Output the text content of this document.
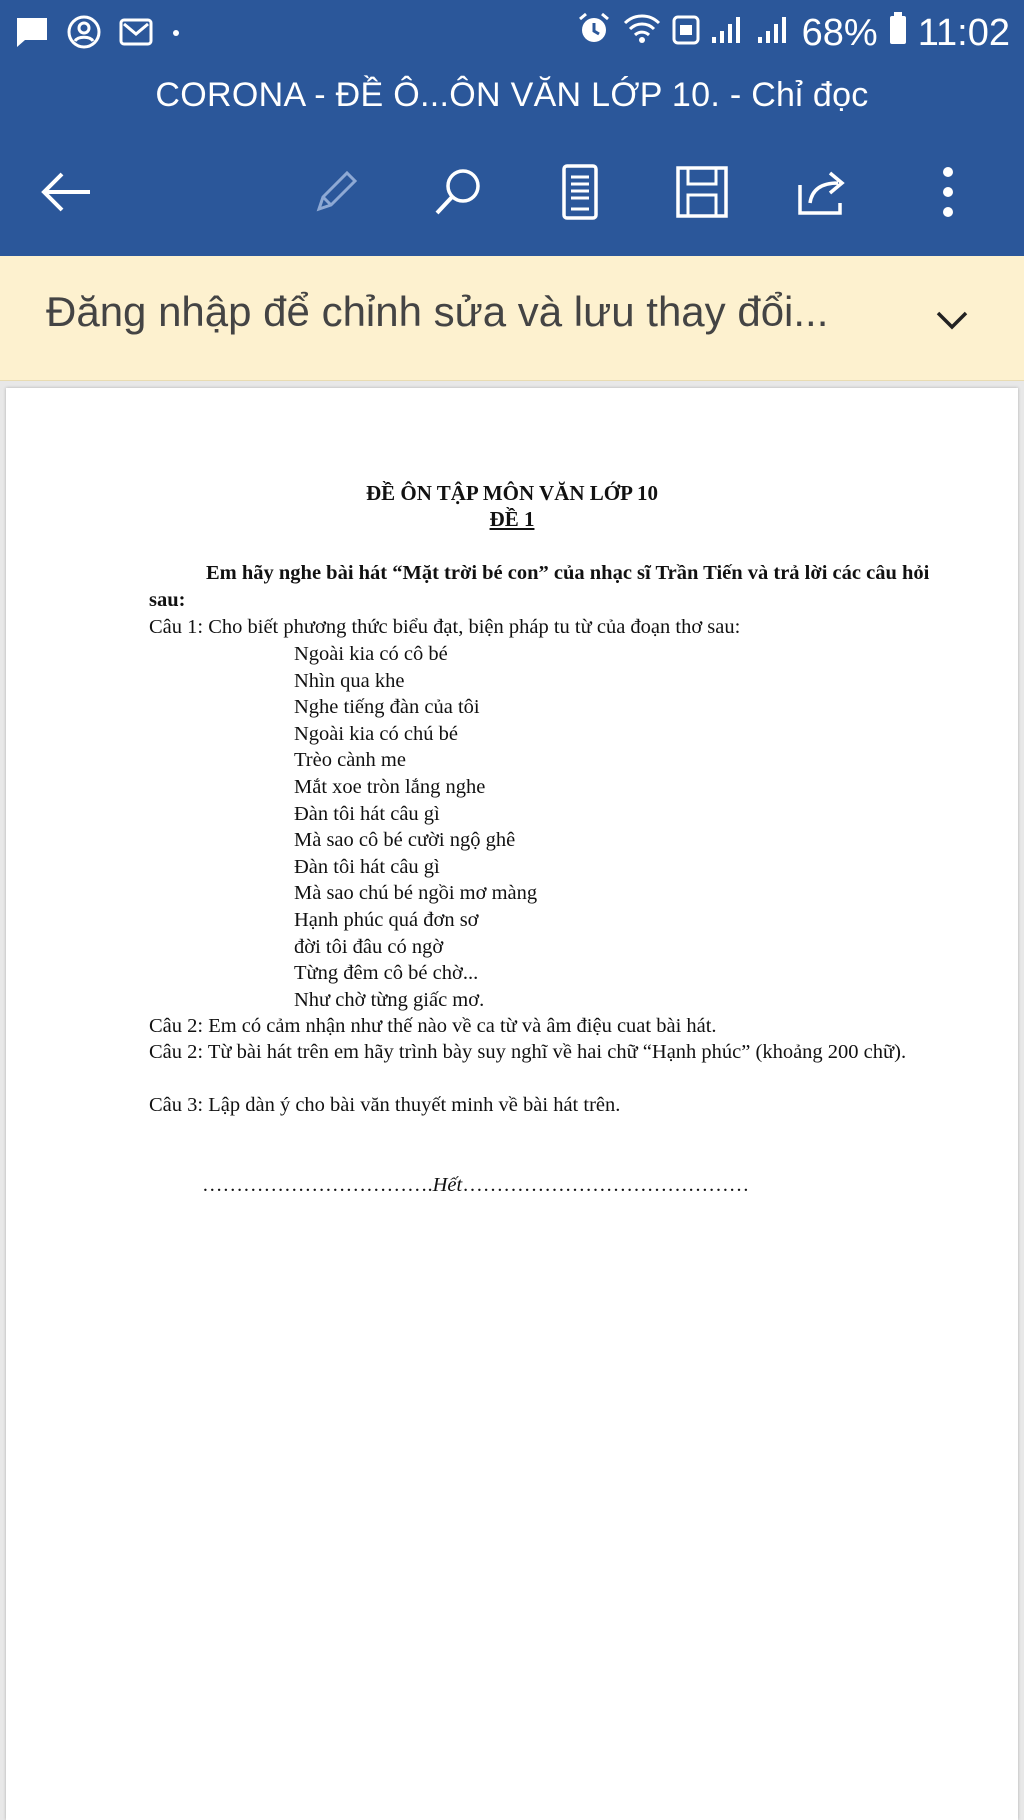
68% 11:02
CORONA - ĐỀ Ô...ÔN VĂN LỚP 10. - Chỉ đọc
Đăng nhập để chỉnh sửa và lưu thay đổi...
ĐỀ ÔN TẬP MÔN VĂN LỚP 10
ĐỀ 1
Em hãy nghe bài hát “Mặt trời bé con” của nhạc sĩ Trần Tiến và trả lời các câu hỏi sau:
Câu 1: Cho biết phương thức biểu đạt, biện pháp tu từ của đoạn thơ sau:
Ngoài kia có cô bé
Nhìn qua khe
Nghe tiếng đàn của tôi
Ngoài kia có chú bé
Trèo cành me
Mắt xoe tròn lắng nghe
Đàn tôi hát câu gì
Mà sao cô bé cười ngộ ghê
Đàn tôi hát câu gì
Mà sao chú bé ngồi mơ màng
Hạnh phúc quá đơn sơ
đời tôi đâu có ngờ
Từng đêm cô bé chờ...
Như chờ từng giấc mơ.
Câu 2: Em có cảm nhận như thế nào về ca từ và âm điệu cuat bài hát.
Câu 2: Từ bài hát trên em hãy trình bày suy nghĩ về hai chữ “Hạnh phúc” (khoảng 200 chữ).
Câu 3: Lập dàn ý cho bài văn thuyết minh về bài hát trên.
…………………………….Hết……………………………………
